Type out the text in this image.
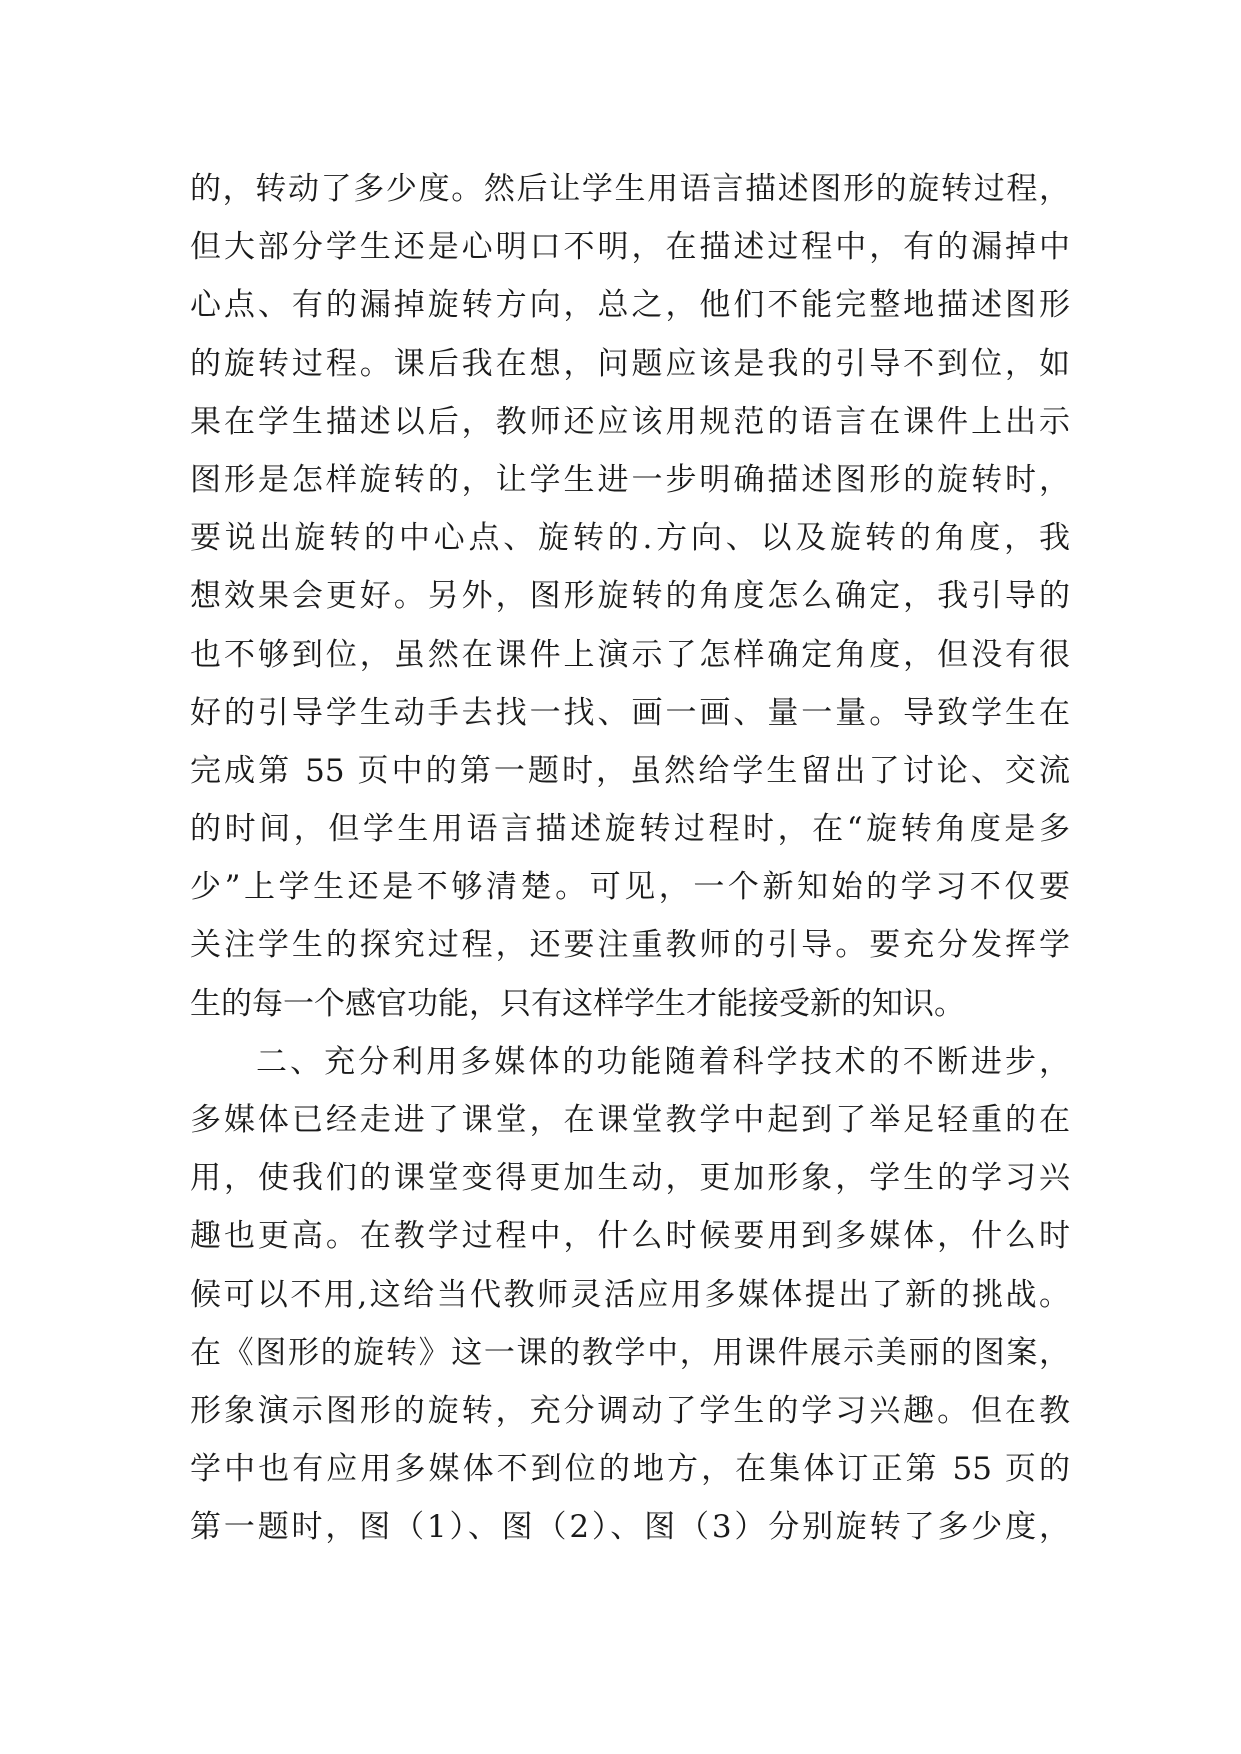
的，转动了多少度。然后让学生用语言描述图形的旋转过程，
但大部分学生还是心明口不明，在描述过程中，有的漏掉中
心点、有的漏掉旋转方向，总之，他们不能完整地描述图形
的旋转过程。课后我在想，问题应该是我的引导不到位，如
果在学生描述以后，教师还应该用规范的语言在课件上出示
图形是怎样旋转的，让学生进一步明确描述图形的旋转时，
要说出旋转的中心点、旋转的.方向、以及旋转的角度，我
想效果会更好。另外，图形旋转的角度怎么确定，我引导的
也不够到位，虽然在课件上演示了怎样确定角度，但没有很
好的引导学生动手去找一找、画一画、量一量。导致学生在
完成第 55 页中的第一题时，虽然给学生留出了讨论、交流
的时间，但学生用语言描述旋转过程时，在“旋转角度是多
少”上学生还是不够清楚。可见，一个新知始的学习不仅要
关注学生的探究过程，还要注重教师的引导。要充分发挥学
生的每一个感官功能，只有这样学生才能接受新的知识。
二、充分利用多媒体的功能随着科学技术的不断进步，
多媒体已经走进了课堂，在课堂教学中起到了举足轻重的在
用，使我们的课堂变得更加生动，更加形象，学生的学习兴
趣也更高。在教学过程中，什么时候要用到多媒体，什么时
候可以不用,这给当代教师灵活应用多媒体提出了新的挑战。
在《图形的旋转》这一课的教学中，用课件展示美丽的图案，
形象演示图形的旋转，充分调动了学生的学习兴趣。但在教
学中也有应用多媒体不到位的地方，在集体订正第 55 页的
第一题时，图（1）、图（2）、图（3）分别旋转了多少度，
